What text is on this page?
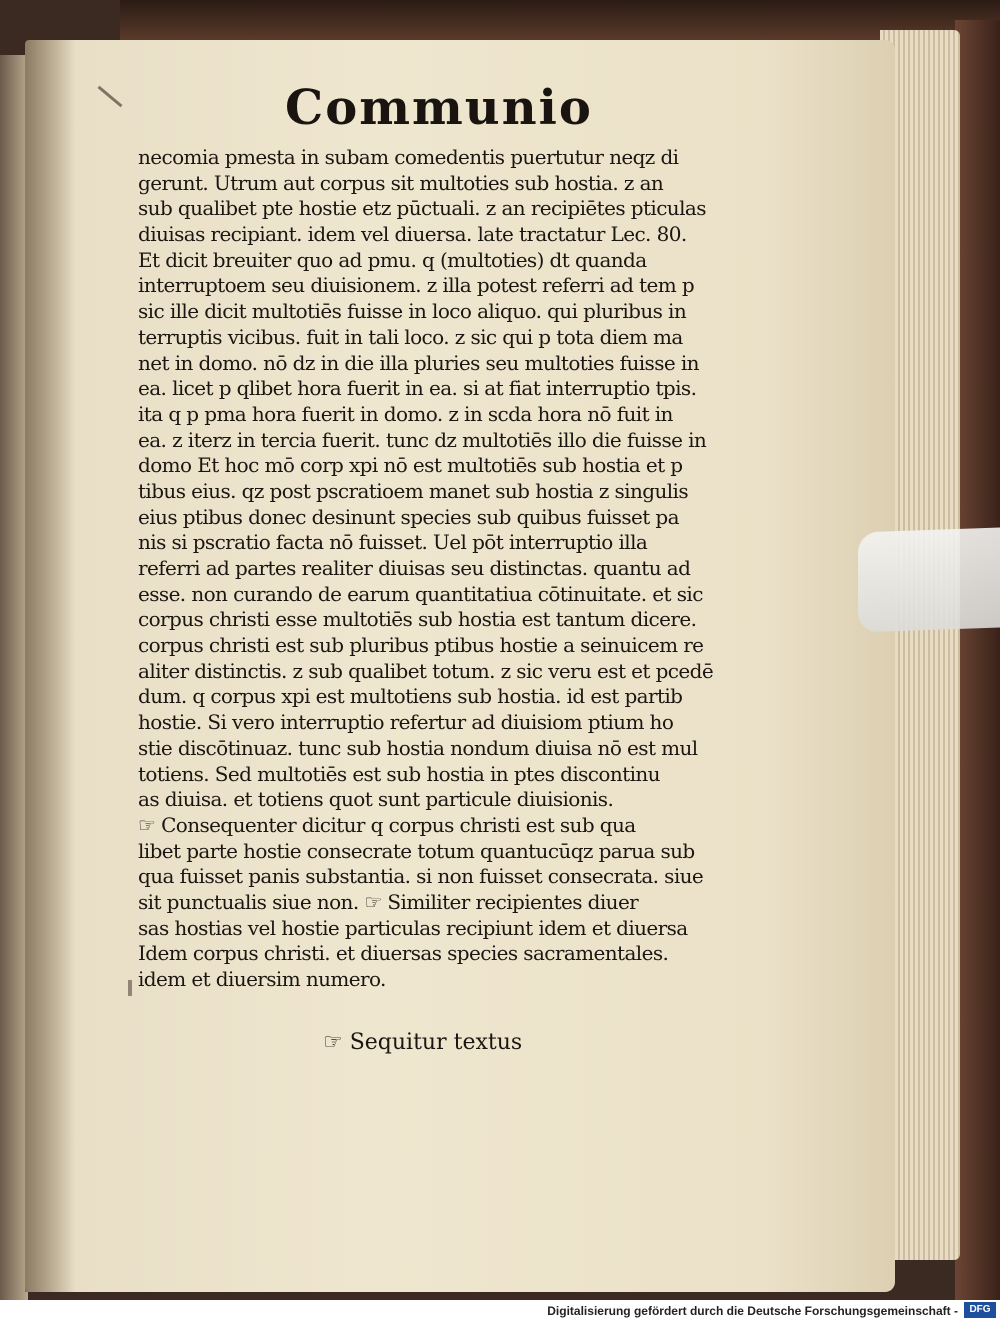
Communio
necomia pmesta in subam comedentis puertutur neqz di
gerunt. Utrum aut corpus sit multoties sub hostia. z an
sub qualibet pte hostie etz pūctuali. z an recipiētes pticulas
diuisas recipiant. idem vel diuersa. late tractatur Lec. 80.
Et dicit breuiter quo ad pmu. q (multoties) dt quanda
interruptoem seu diuisionem. z illa potest referri ad tem p
sic ille dicit multotiēs fuisse in loco aliquo. qui pluribus in
terruptis vicibus. fuit in tali loco. z sic qui p tota diem ma
net in domo. nō dz in die illa pluries seu multoties fuisse in
ea. licet p qlibet hora fuerit in ea. si at fiat interruptio tpis.
ita q p pma hora fuerit in domo. z in scda hora nō fuit in
ea. z iterz in tercia fuerit. tunc dz multotiēs illo die fuisse in
domo Et hoc mō corp xpi nō est multotiēs sub hostia et p
tibus eius. qz post pscratioem manet sub hostia z singulis
eius ptibus donec desinunt species sub quibus fuisset pa
nis si pscratio facta nō fuisset. Uel pōt interruptio illa
referri ad partes realiter diuisas seu distinctas. quantu ad
esse. non curando de earum quantitatiua cōtinuitate. et sic
corpus christi esse multotiēs sub hostia est tantum dicere.
corpus christi est sub pluribus ptibus hostie a seinuicem re
aliter distinctis. z sub qualibet totum. z sic veru est et pcedē
dum. q corpus xpi est multotiens sub hostia. id est partib
hostie. Si vero interruptio refertur ad diuisiom ptium ho
stie discōtinuaz. tunc sub hostia nondum diuisa nō est mul
totiens. Sed multotiēs est sub hostia in ptes discontinu
as diuisa. et totiens quot sunt particule diuisionis.
☞ Consequenter dicitur q corpus christi est sub qua
libet parte hostie consecrate totum quantucūqz parua sub
qua fuisset panis substantia. si non fuisset consecrata. siue
sit punctualis siue non. ☞ Similiter recipientes diuer
sas hostias vel hostie particulas recipiunt idem et diuersa
Idem corpus christi. et diuersas species sacramentales.
idem et diuersim numero.
☞ Sequitur textus
Digitalisierung gefördert durch die Deutsche Forschungsgemeinschaft -	DFG
